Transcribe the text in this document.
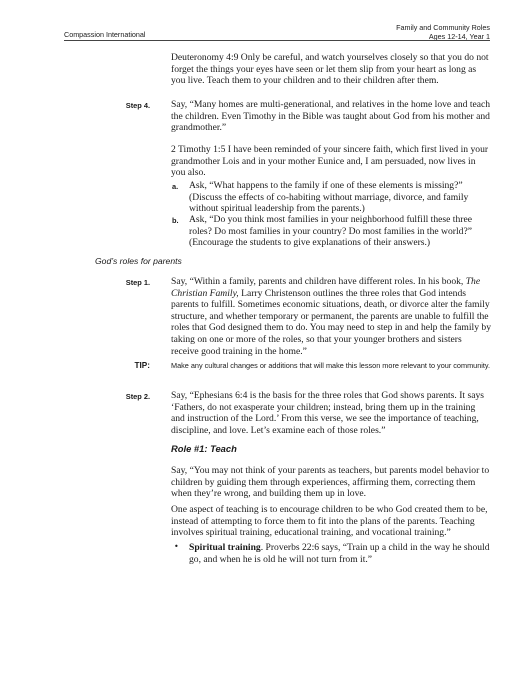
Compassion International
Family and Community Roles
Ages 12-14, Year 1

Deuteronomy 4:9 Only be careful, and watch yourselves closely so that you do not forget the things your eyes have seen or let them slip from your heart as long as you live. Teach them to your children and to their children after them.

Step 4. Say, “Many homes are multi-generational, and relatives in the home love and teach the children. Even Timothy in the Bible was taught about God from his mother and grandmother.”

2 Timothy 1:5 I have been reminded of your sincere faith, which first lived in your grandmother Lois and in your mother Eunice and, I am persuaded, now lives in you also.

a.	Ask, “What happens to the family if one of these elements is missing?” (Discuss the effects of co-habiting without marriage, divorce, and family without spiritual leadership from the parents.)

b.	Ask, “Do you think most families in your neighborhood fulfill these three roles? Do most families in your country? Do most families in the world?” (Encourage the students to give explanations of their answers.)

God’s roles for parents
Step 1. Say, “Within a family, parents and children have different roles. In his book, The Christian Family, Larry Christenson outlines the three roles that God intends parents to fulfill. Sometimes economic situations, death, or divorce alter the family structure, and whether temporary or permanent, the parents are unable to fulfill the roles that God designed them to do. You may need to step in and help the family by taking on one or more of the roles, so that your younger brothers and sisters receive good training in the home.”

TIP:	Make any cultural changes or additions that will make this lesson more relevant to your community.

Step 2. Say, “Ephesians 6:4 is the basis for the three roles that God shows parents. It says ‘Fathers, do not exasperate your children; instead, bring them up in the training and instruction of the Lord.’ From this verse, we see the importance of teaching, discipline, and love. Let’s examine each of those roles.”

Role #1: Teach

Say, “You may not think of your parents as teachers, but parents model behavior to children by guiding them through experiences, affirming them, correcting them when they’re wrong, and building them up in love.

One aspect of teaching is to encourage children to be who God created them to be, instead of attempting to force them to fit into the plans of the parents. Teaching involves spiritual training, educational training, and vocational training.”

• Spiritual training. Proverbs 22:6 says, “Train up a child in the way he should go, and when he is old he will not turn from it.”
